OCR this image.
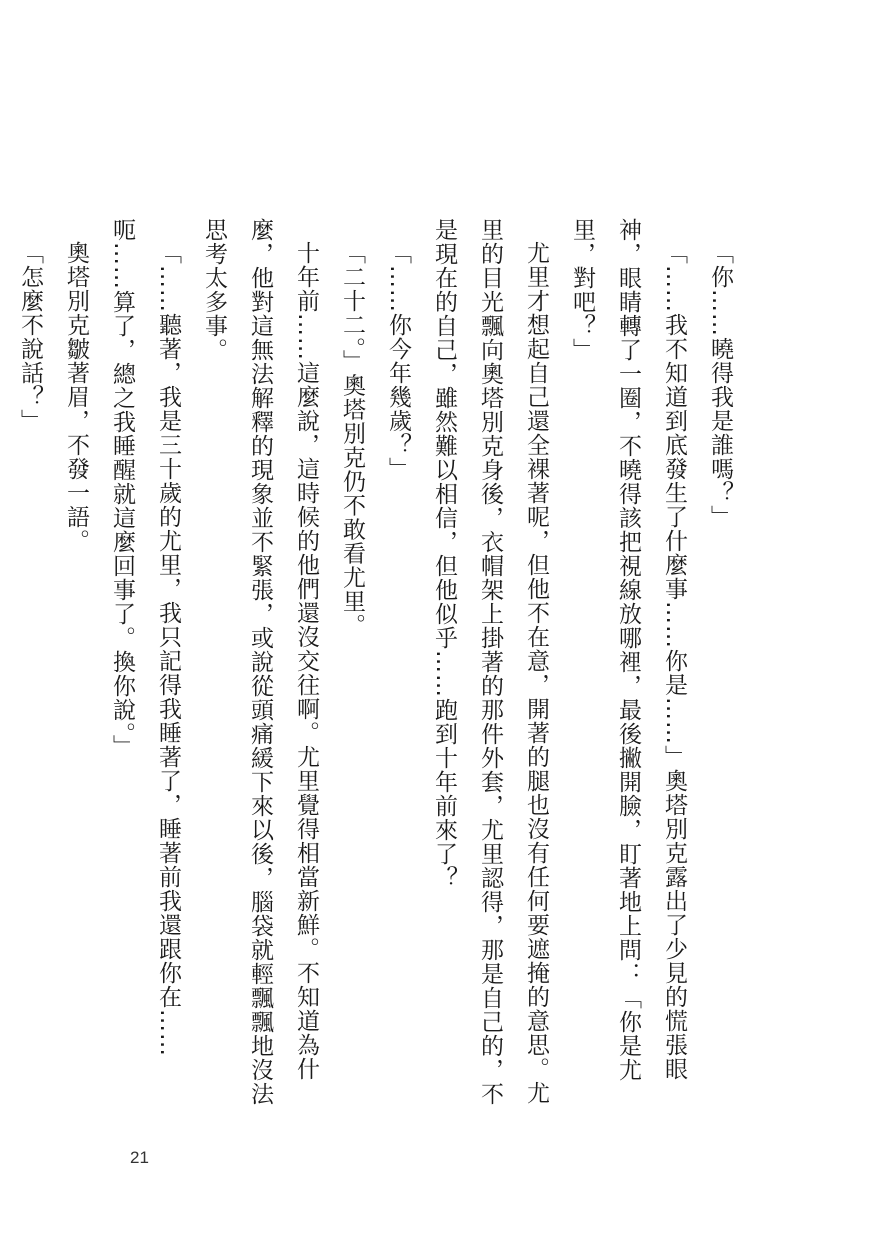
「你……曉得我是誰嗎？」

「……我不知道到底發生了什麼事……你是……」奧塔別克露出了少見的慌張眼神，眼睛轉了一圈，不曉得該把視線放哪裡，最後撇開臉，盯著地上問：「你是尤里，對吧？」

尤里才想起自己還全裸著呢，但他不在意，開著的腿也沒有任何要遮掩的意思。尤里的目光飄向奧塔別克身後，衣帽架上掛著的那件外套，尤里認得，那是自己的，不是現在的自己，雖然難以相信，但他似乎……跑到十年前來了？

「……你今年幾歲？」

「二十二。」奧塔別克仍不敢看尤里。

十年前……這麼說，這時候的他們還沒交往啊。尤里覺得相當新鮮。不知道為什麼，他對這無法解釋的現象並不緊張，或說從頭痛緩下來以後，腦袋就輕飄飄地沒法思考太多事。

「……聽著，我是三十歲的尤里，我只記得我睡著了，睡著前我還跟你在……呃……算了，總之我睡醒就這麼回事了。換你說。」

奧塔別克皺著眉，不發一語。

「怎麼不說話？」

21
